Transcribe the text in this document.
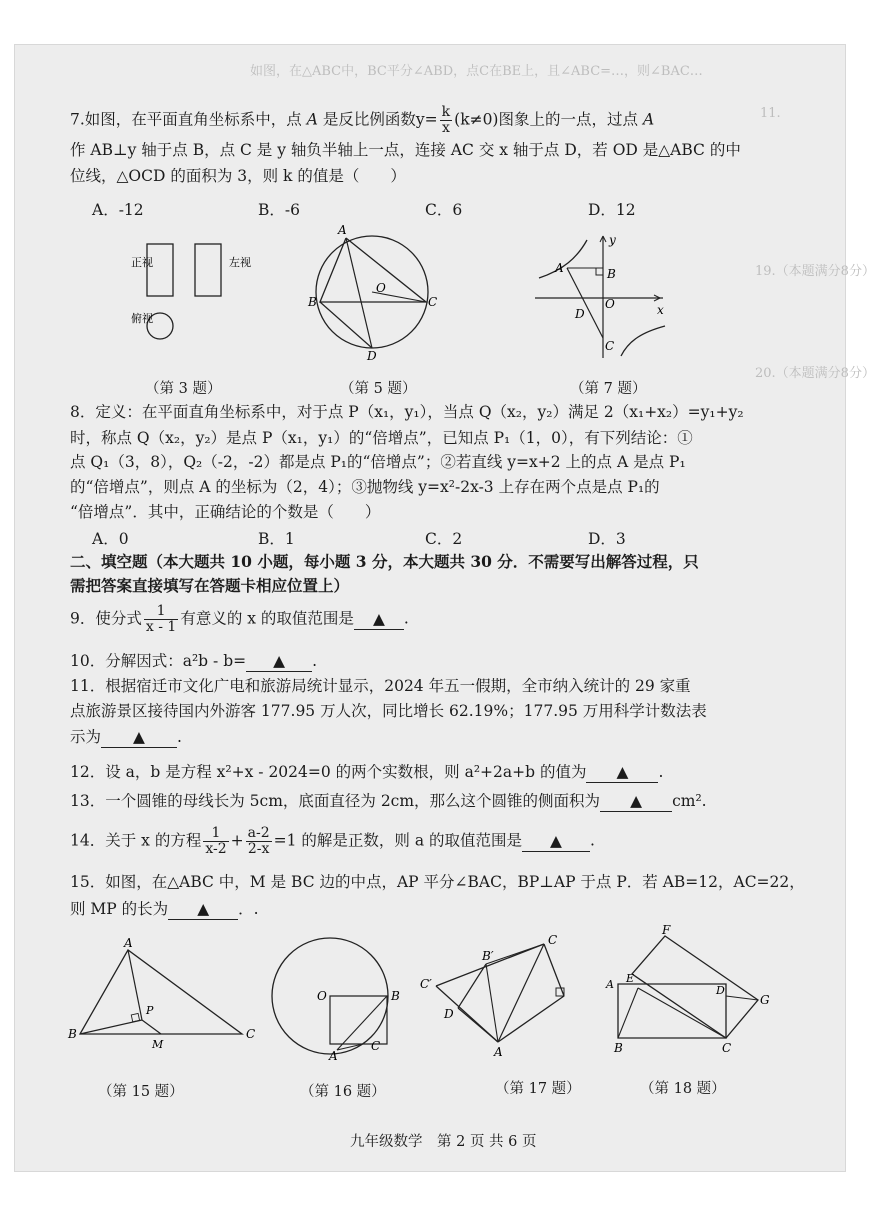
如图，在△ABC中，BC平分∠ABD，点C在BE上，且∠ABC=…，则∠BAC…
11.
19.（本题满分8分）
20.（本题满分8分）
7.如图，在平面直角坐标系中，点 A 是反比例函数$y= \frac{k}{x} (k\ne 0)$图象上的一点，过点 A
作 AB⊥y 轴于点 B，点 C 是 y 轴负半轴上一点，连接 AC 交 x 轴于点 D，若 OD 是△ABC 的中
位线，△OCD 的面积为 3，则 k 的值是（　　）
A．-12	B．-6	C．6	D．12
正视	左视
俯视
A
B
O
C
D
y
A	B
O
D	x
C
（第 3 题）	（第 5 题）	（第 7 题）
8．定义：在平面直角坐标系中，对于点 P（x₁，y₁），当点 Q（x₂，y₂）满足 2（x₁+x₂）=y₁+y₂
时，称点 Q（x₂，y₂）是点 P（x₁，y₁）的“倍增点”，已知点 P₁（1，0），有下列结论：①
点 Q₁（3，8），Q₂（-2，-2）都是点 P₁的“倍增点”；②若直线 y=x+2 上的点 A 是点 P₁
的“倍增点”，则点 A 的坐标为（2，4）；③抛物线 y=x²-2x-3 上存在两个点是点 P₁的
“倍增点”．其中，正确结论的个数是（　　）
A．0	B．1	C．2	D．3
二、填空题（本大题共 10 小题，每小题 3 分，本大题共 30 分．不需要写出解答过程，只
需把答案直接填写在答题卡相应位置上）
9．使分式 $\frac{1}{x - 1}$ 有意义的 x 的取值范围是 ▲ .
10．分解因式：a²b - b= ▲ .
11．根据宿迁市文化广电和旅游局统计显示，2024 年五一假期，全市纳入统计的 29 家重
点旅游景区接待国内外游客 177.95 万人次，同比增长 62.19%；177.95 万用科学计数法表
示为 ▲ .
12．设 a，b 是方程 x²+x - 2024=0 的两个实数根，则 a²+2a+b 的值为 ▲ .
13．一个圆锥的母线长为 5cm，底面直径为 2cm，那么这个圆锥的侧面积为 ▲ cm².
14．关于 x 的方程 $\frac{1}{x-2} + \frac{a-2}{2-x} =1$ 的解是正数，则 a 的取值范围是 ▲ .
15．如图，在△ABC 中，M 是 BC 边的中点，AP 平分∠BAC，BP⊥AP 于点 P．若 AB=12，AC=22，
则 MP 的长为 ▲ ．.
A
P
B
M
C
O	B
A
C
B′
C
C′
D
A
F
E
A	D
G
B	C
（第 15 题）	（第 16 题）	（第 17 题）	（第 18 题）
九年级数学　第 2 页 共 6 页
